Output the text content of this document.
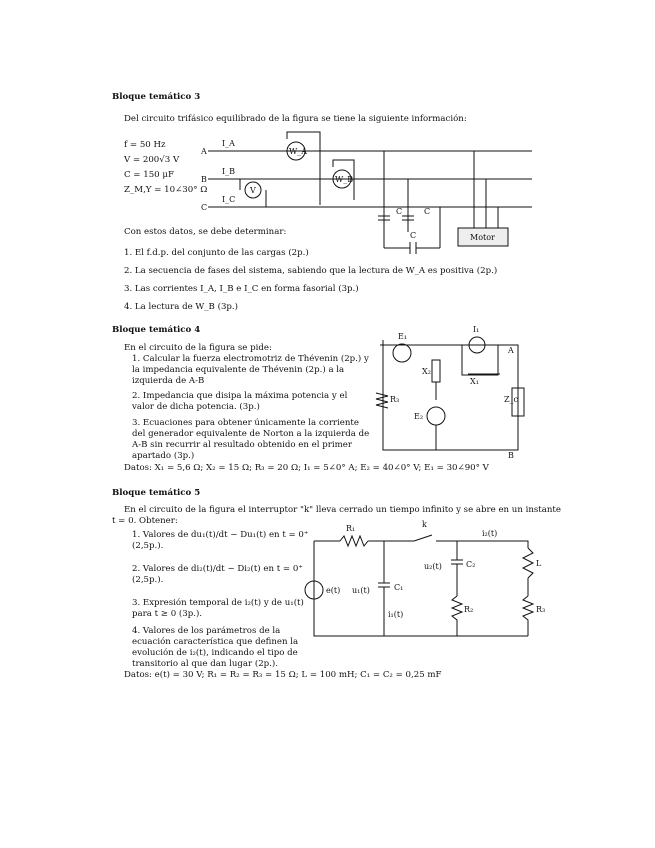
Bloque temático 3
Del circuito trifásico equilibrado de la figura se tiene la siguiente información:
f = 50 Hz
V = 200√3 V
C = 150 μF
Z_M,Y = 10∠30° Ω
A
B
C
I_A
I_B
I_C
W_A
W_B
V
C	C
C	Motor
Con estos datos, se debe determinar:
1. El f.d.p. del conjunto de las cargas (2p.)
2. La secuencia de fases del sistema, sabiendo que la lectura de W_A es positiva (2p.)
3. Las corrientes I_A, I_B e I_C en forma fasorial (3p.)
4. La lectura de W_B (3p.)
Bloque temático 4
En el circuito de la figura se pide:
1. Calcular la fuerza electromotriz de Thévenin (2p.) y la impedancia equivalente de Thévenin (2p.) a la izquierda de A-B
2. Impedancia que disipa la máxima potencia y el valor de dicha potencia. (3p.)
3. Ecuaciones para obtener únicamente la corriente del generador equivalente de Norton a la izquierda de A-B sin recurrir al resultado obtenido en el primer apartado (3p.)
Datos: X₁ = 5,6 Ω; X₂ = 15 Ω; R₃ = 20 Ω; I₁ = 5∠0° A; E₂ = 40∠0° V; E₁ = 30∠90° V
E₁
I₁
X₂
X₁
R₃
E₂
Z_c
A
B
Bloque temático 5
En el circuito de la figura el interruptor "k" lleva cerrado un tiempo infinito y se abre en un instante
t = 0. Obtener:
1. Valores de du₁(t)/dt − Du₁(t) en t = 0⁺ (2,5p.).
2. Valores de di₂(t)/dt − Di₂(t) en t = 0⁺ (2,5p.).
3. Expresión temporal de i₂(t) y de u₁(t) para t ≥ 0 (3p.).
4. Valores de los parámetros de la ecuación característica que definen la evolución de i₂(t), indicando el tipo de transitorio al que dan lugar (2p.).
Datos: e(t) = 30 V; R₁ = R₂ = R₃ = 15 Ω; L = 100 mH; C₁ = C₂ = 0,25 mF
R₁	k
i₂(t)
e(t) u₁(t)	C₁
i₁(t)
u₂(t)	C₂
R₂
L
R₃
